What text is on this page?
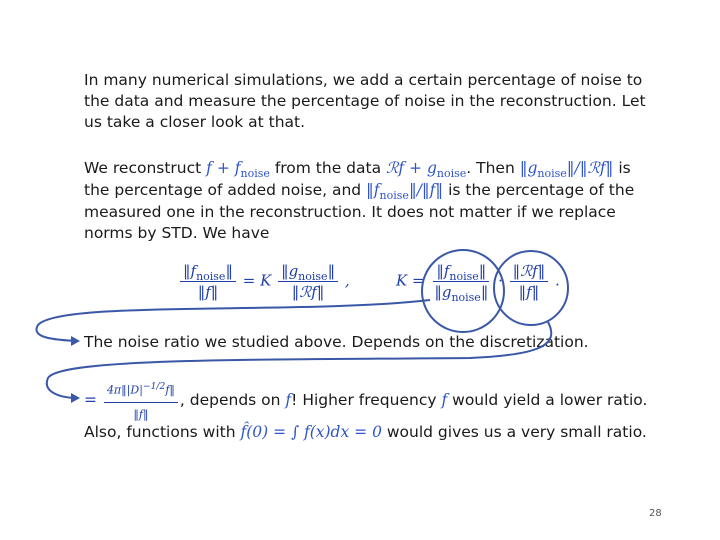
In many numerical simulations, we add a certain percentage of noise to the data and measure the percentage of noise in the reconstruction. Let us take a closer look at that.
We reconstruct $f + f_{noise}$ from the data ℛf + $g_{noise}$. Then $‖g_{noise}‖/‖ℛf‖$ is the percentage of added noise, and $‖f_{noise}‖/‖f‖$ is the percentage of the measured one in the reconstruction. It does not matter if we replace norms by STD. We have
$\frac{‖f_{noise}‖}{‖f‖} = K \frac{‖g_{noise}‖}{\text{‖ℛf‖}}$ ,	$K = \frac{‖f_{noise}‖}{‖g_{noise}‖} \cdot \frac{\text{‖ℛf‖}}{‖f‖}$ .
The noise ratio we studied above. Depends on the discretization.
= $\frac{4\pi‖|D|^{-1/2}f‖}{‖f‖}$ , depends on f! Higher frequency f would yield a lower ratio.
Also, functions with f̂(0) = ∫ f(x)dx = 0 would gives us a very small ratio.
28
